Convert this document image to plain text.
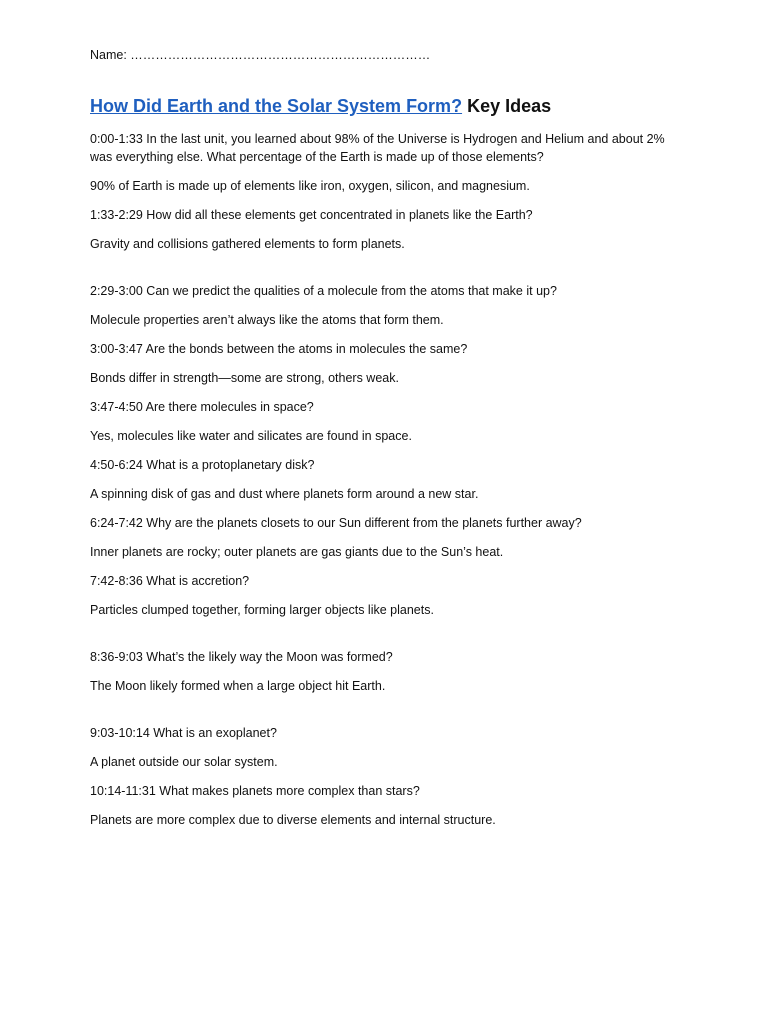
Name: ………………………………………………………………
How Did Earth and the Solar System Form? Key Ideas

0:00-1:33 In the last unit, you learned about 98% of the Universe is Hydrogen and Helium and about 2% was everything else. What percentage of the Earth is made up of those elements?

90% of Earth is made up of elements like iron, oxygen, silicon, and magnesium.

1:33-2:29 How did all these elements get concentrated in planets like the Earth?

Gravity and collisions gathered elements to form planets.

2:29-3:00 Can we predict the qualities of a molecule from the atoms that make it up?

Molecule properties aren’t always like the atoms that form them.

3:00-3:47 Are the bonds between the atoms in molecules the same?

Bonds differ in strength—some are strong, others weak.

3:47-4:50 Are there molecules in space?

Yes, molecules like water and silicates are found in space.

4:50-6:24 What is a protoplanetary disk?

A spinning disk of gas and dust where planets form around a new star.

6:24-7:42 Why are the planets closets to our Sun different from the planets further away?

Inner planets are rocky; outer planets are gas giants due to the Sun’s heat.

7:42-8:36 What is accretion?

Particles clumped together, forming larger objects like planets.

8:36-9:03 What’s the likely way the Moon was formed?

The Moon likely formed when a large object hit Earth.

9:03-10:14 What is an exoplanet?

A planet outside our solar system.

10:14-11:31 What makes planets more complex than stars?

Planets are more complex due to diverse elements and internal structure.
